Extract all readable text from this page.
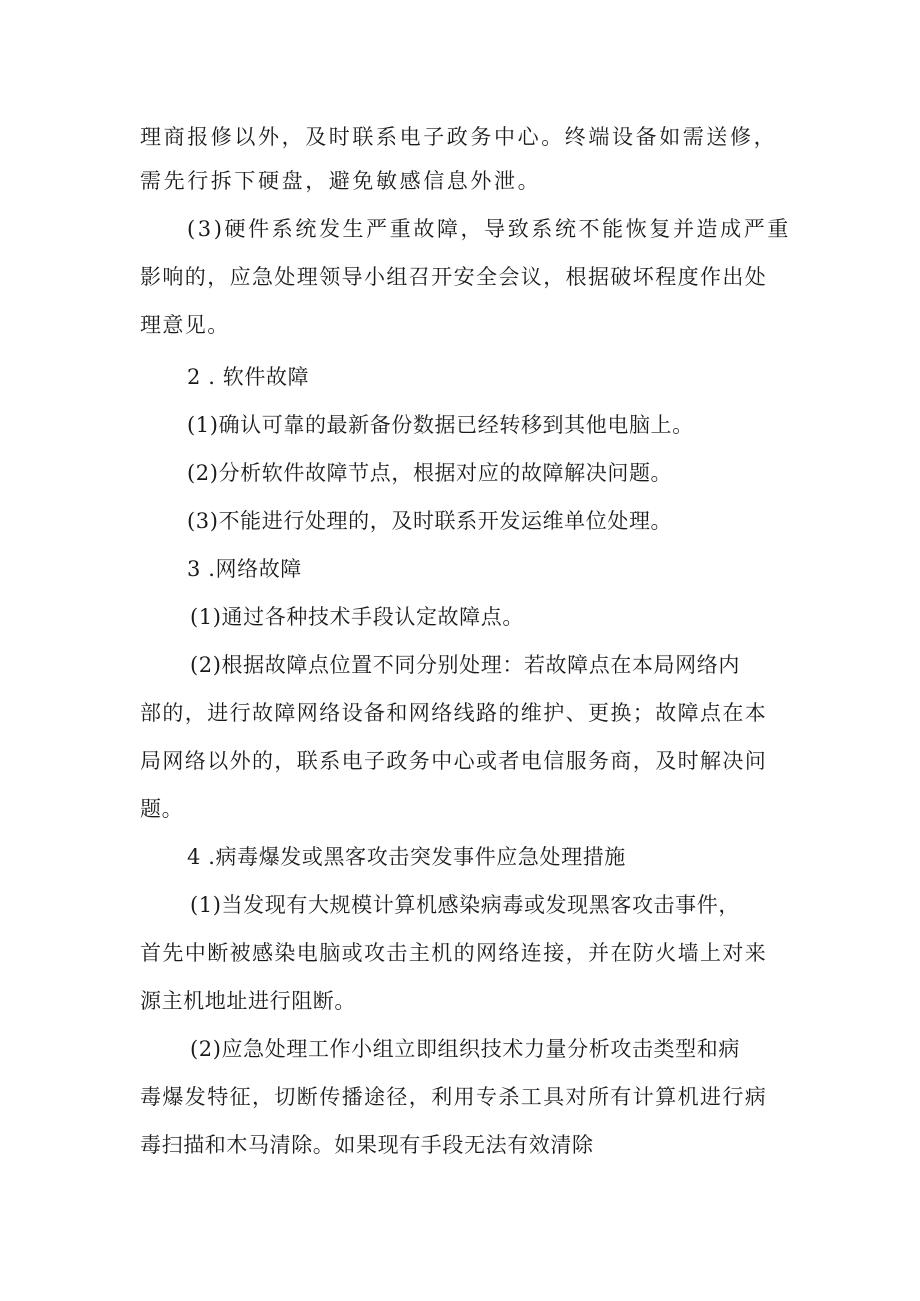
理商报修以外，及时联系电子政务中心。终端设备如需送修，

需先行拆下硬盘，避免敏感信息外泄。

(3)硬件系统发生严重故障，导致系统不能恢复并造成严重

影响的，应急处理领导小组召开安全会议，根据破坏程度作出处

理意见。

2 . 软件故障

(1)确认可靠的最新备份数据已经转移到其他电脑上。

(2)分析软件故障节点，根据对应的故障解决问题。

(3)不能进行处理的，及时联系开发运维单位处理。

3 .网络故障

(1)通过各种技术手段认定故障点。

(2)根据故障点位置不同分别处理：若故障点在本局网络内

部的，进行故障网络设备和网络线路的维护、更换；故障点在本

局网络以外的，联系电子政务中心或者电信服务商，及时解决问

题。

4 .病毒爆发或黑客攻击突发事件应急处理措施

(1)当发现有大规模计算机感染病毒或发现黑客攻击事件，

首先中断被感染电脑或攻击主机的网络连接，并在防火墙上对来

源主机地址进行阻断。

(2)应急处理工作小组立即组织技术力量分析攻击类型和病

毒爆发特征，切断传播途径，利用专杀工具对所有计算机进行病

毒扫描和木马清除。如果现有手段无法有效清除
